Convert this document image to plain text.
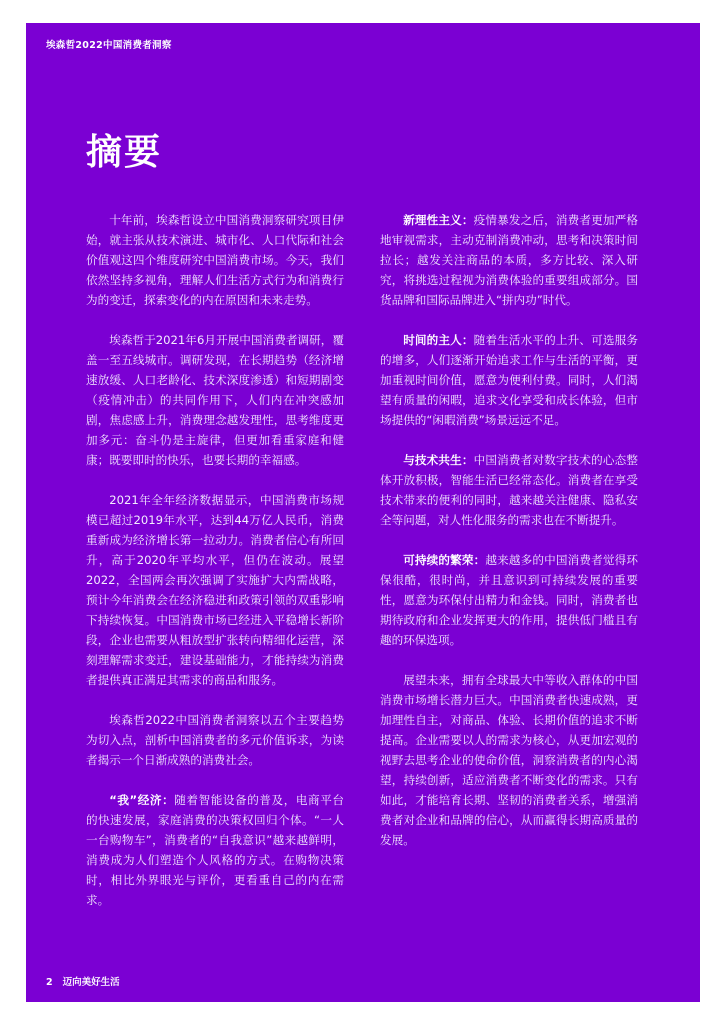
埃森哲2022中国消费者洞察
摘要

十年前，埃森哲设立中国消费洞察研究项目伊始，就主张从技术演进、城市化、人口代际和社会价值观这四个维度研究中国消费市场。今天，我们依然坚持多视角，理解人们生活方式行为和消费行为的变迁，探索变化的内在原因和未来走势。

埃森哲于2021年6月开展中国消费者调研，覆盖一至五线城市。调研发现，在长期趋势（经济增速放缓、人口老龄化、技术深度渗透）和短期剧变（疫情冲击）的共同作用下，人们内在冲突感加剧，焦虑感上升，消费理念越发理性，思考维度更加多元：奋斗仍是主旋律，但更加看重家庭和健康；既要即时的快乐，也要长期的幸福感。

2021年全年经济数据显示，中国消费市场规模已超过2019年水平，达到44万亿人民币，消费重新成为经济增长第一拉动力。消费者信心有所回升，高于2020年平均水平，但仍在波动。展望2022，全国两会再次强调了实施扩大内需战略，预计今年消费会在经济稳进和政策引领的双重影响下持续恢复。中国消费市场已经进入平稳增长新阶段，企业也需要从粗放型扩张转向精细化运营，深刻理解需求变迁，建设基础能力，才能持续为消费者提供真正满足其需求的商品和服务。

埃森哲2022中国消费者洞察以五个主要趋势为切入点，剖析中国消费者的多元价值诉求，为读者揭示一个日渐成熟的消费社会。

“我”经济：随着智能设备的普及，电商平台的快速发展，家庭消费的决策权回归个体。“一人一台购物车”，消费者的“自我意识”越来越鲜明，消费成为人们塑造个人风格的方式。在购物决策时，相比外界眼光与评价，更看重自己的内在需求。

新理性主义：疫情暴发之后，消费者更加严格地审视需求，主动克制消费冲动，思考和决策时间拉长；越发关注商品的本质，多方比较、深入研究，将挑选过程视为消费体验的重要组成部分。国货品牌和国际品牌进入“拼内功”时代。

时间的主人：随着生活水平的上升、可选服务的增多，人们逐渐开始追求工作与生活的平衡，更加重视时间价值，愿意为便利付费。同时，人们渴望有质量的闲暇，追求文化享受和成长体验，但市场提供的“闲暇消费”场景远远不足。

与技术共生：中国消费者对数字技术的心态整体开放积极，智能生活已经常态化。消费者在享受技术带来的便利的同时，越来越关注健康、隐私安全等问题，对人性化服务的需求也在不断提升。

可持续的繁荣：越来越多的中国消费者觉得环保很酷，很时尚，并且意识到可持续发展的重要性，愿意为环保付出精力和金钱。同时，消费者也期待政府和企业发挥更大的作用，提供低门槛且有趣的环保选项。

展望未来，拥有全球最大中等收入群体的中国消费市场增长潜力巨大。中国消费者快速成熟，更加理性自主，对商品、体验、长期价值的追求不断提高。企业需要以人的需求为核心，从更加宏观的视野去思考企业的使命价值，洞察消费者的内心渴望，持续创新，适应消费者不断变化的需求。只有如此，才能培育长期、坚韧的消费者关系，增强消费者对企业和品牌的信心，从而赢得长期高质量的发展。

2 迈向美好生活
